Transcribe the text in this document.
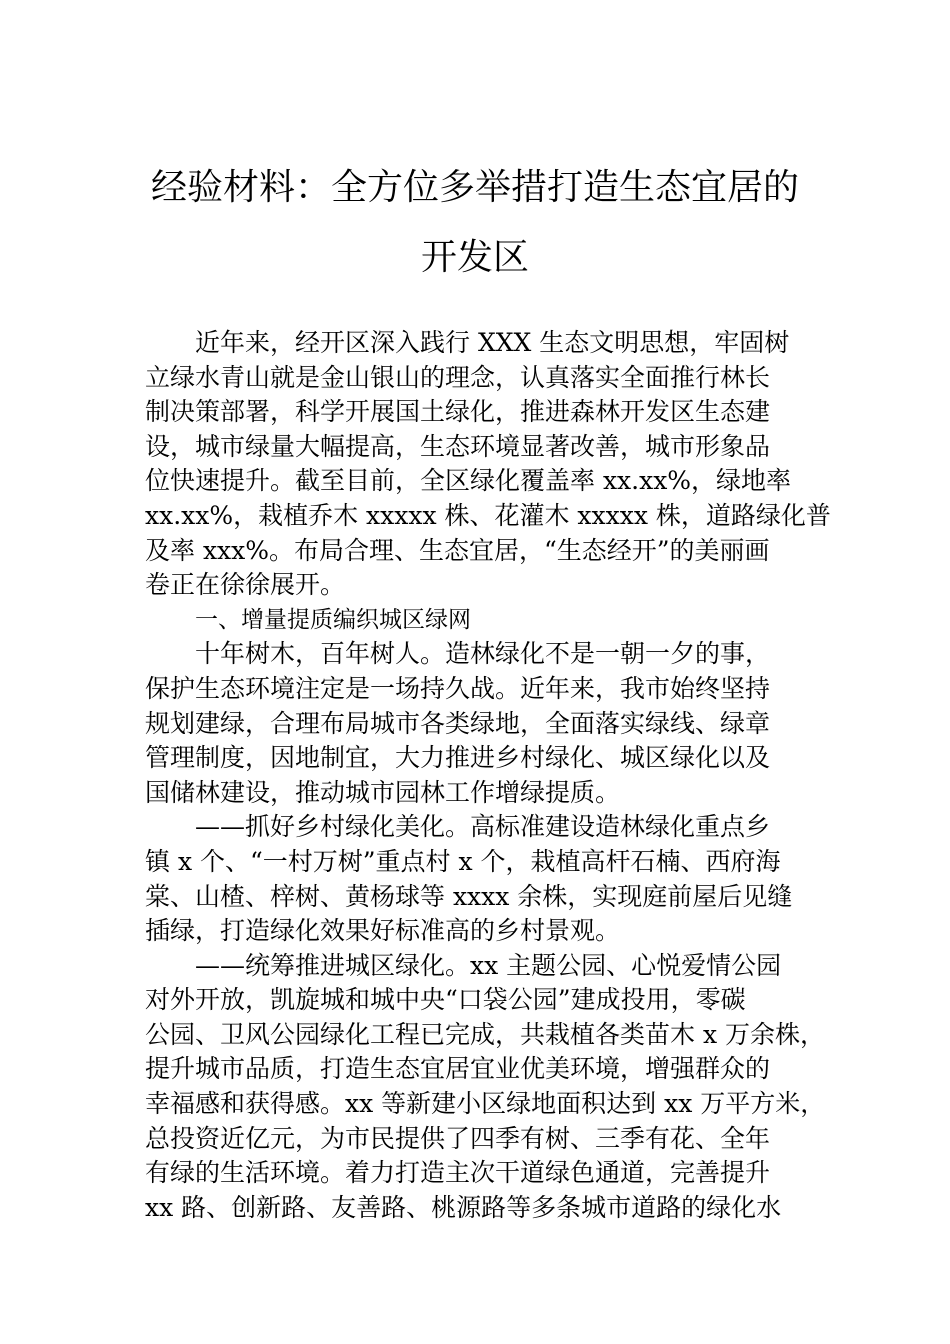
经验材料：全方位多举措打造生态宜居的
开发区
近年来，经开区深入践行 XXX 生态文明思想，牢固树
立绿水青山就是金山银山的理念，认真落实全面推行林长
制决策部署，科学开展国土绿化，推进森林开发区生态建
设，城市绿量大幅提高，生态环境显著改善，城市形象品
位快速提升。截至目前，全区绿化覆盖率 xx.xx%，绿地率
xx.xx%，栽植乔木 xxxxx 株、花灌木 xxxxx 株，道路绿化普
及率 xxx%。布局合理、生态宜居，“生态经开”的美丽画
卷正在徐徐展开。
一、增量提质编织城区绿网
十年树木，百年树人。造林绿化不是一朝一夕的事，
保护生态环境注定是一场持久战。近年来，我市始终坚持
规划建绿，合理布局城市各类绿地，全面落实绿线、绿章
管理制度，因地制宜，大力推进乡村绿化、城区绿化以及
国储林建设，推动城市园林工作增绿提质。
——抓好乡村绿化美化。高标准建设造林绿化重点乡
镇 x 个、“一村万树”重点村 x 个，栽植高杆石楠、西府海
棠、山楂、梓树、黄杨球等 xxxx 余株，实现庭前屋后见缝
插绿，打造绿化效果好标准高的乡村景观。
——统筹推进城区绿化。xx 主题公园、心悦爱情公园
对外开放，凯旋城和城中央“口袋公园”建成投用，零碳
公园、卫风公园绿化工程已完成，共栽植各类苗木 x 万余株，
提升城市品质，打造生态宜居宜业优美环境，增强群众的
幸福感和获得感。xx 等新建小区绿地面积达到 xx 万平方米，
总投资近亿元，为市民提供了四季有树、三季有花、全年
有绿的生活环境。着力打造主次干道绿色通道，完善提升
xx 路、创新路、友善路、桃源路等多条城市道路的绿化水
